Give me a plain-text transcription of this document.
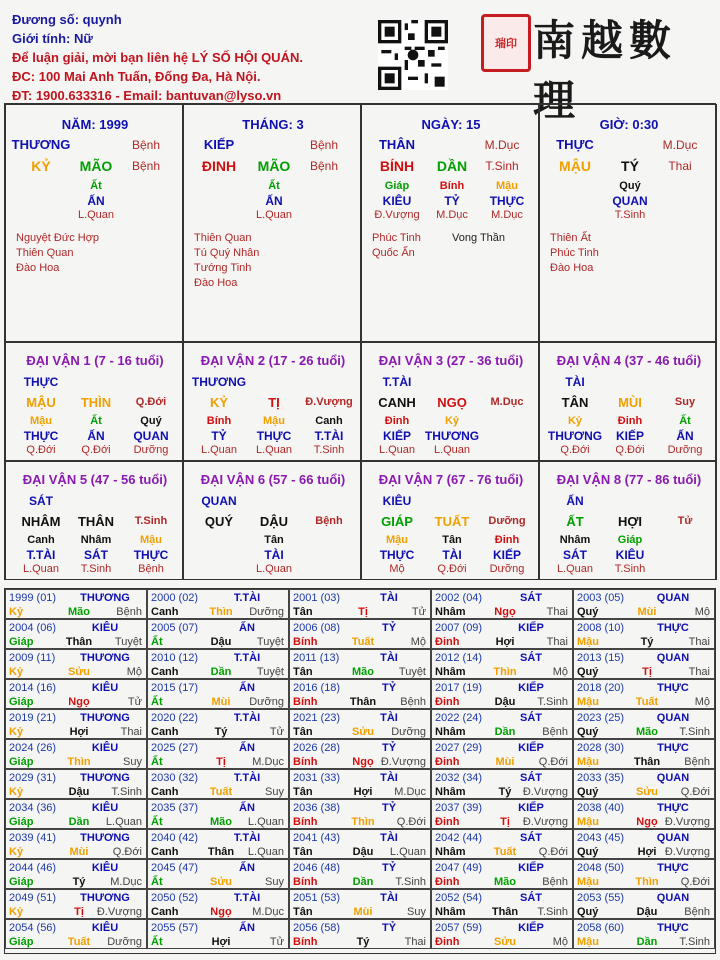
Đương số: quynh
Giới tính: Nữ
Để luận giải, mời bạn liên hệ LÝ SỐ HỘI QUÁN.
ĐC: 100 Mai Anh Tuấn, Đống Đa, Hà Nội.
ĐT: 1900.633316 - Email: bantuvan@lyso.vn
瑞印 南越數理
NĂM: 1999
THƯƠNG	Bệnh
KỶ	MÃO	Bệnh
Ất
ẤN
L.Quan
Nguyệt Đức Hợp
Thiên Quan
Đào Hoa
THÁNG: 3
KIẾP	Bệnh
ĐINH	MÃO	Bệnh
Ất
ẤN
L.Quan
Thiên Quan
Tú Quý Nhân
Tướng Tinh
Đào Hoa
NGÀY: 15
THÂN	M.Dục
BÍNH	DẦN	T.Sinh
Giáp
KIÊU
Đ.Vượng
Bính
TỶ
M.Dục
Mậu
THỰC
M.Dục
Phúc Tinh
Quốc Ấn
Vong Thần
GIỜ: 0:30
THỰC	M.Dục
MẬU	TÝ	Thai
Quý
QUAN
T.Sinh
Thiên Ất
Phúc Tinh
Đào Hoa
ĐẠI VẬN 1 (7 - 16 tuổi)
THỰC
MẬU	THÌN	Q.Đới
Mậu
THỰC
Q.Đới
Ất
ẤN
Q.Đới
Quý
QUAN
Dưỡng
ĐẠI VẬN 2 (17 - 26 tuổi)
THƯƠNG
KỶ	TỊ	Đ.Vượng
Bính
TỶ
L.Quan
Mậu
THỰC
L.Quan
Canh
T.TÀI
T.Sinh
ĐẠI VẬN 3 (27 - 36 tuổi)
T.TÀI
CANH	NGỌ	M.Dục
Đinh
KIẾP
L.Quan
Kỷ
THƯƠNG
L.Quan
ĐẠI VẬN 4 (37 - 46 tuổi)
TÀI
TÂN	MÙI	Suy
Kỷ
THƯƠNG
Q.Đới
Đinh
KIẾP
Q.Đới
Ất
ẤN
Dưỡng
ĐẠI VẬN 5 (47 - 56 tuổi)
SÁT
NHÂM	THÂN	T.Sinh
Canh
T.TÀI
L.Quan
Nhâm
SÁT
T.Sinh
Mậu
THỰC
Bệnh
ĐẠI VẬN 6 (57 - 66 tuổi)
QUAN
QUÝ	DẬU	Bệnh
Tân
TÀI
L.Quan
ĐẠI VẬN 7 (67 - 76 tuổi)
KIÊU
GIÁP	TUẤT	Dưỡng
Mậu
THỰC
Mộ
Tân
TÀI
Q.Đới
Đinh
KIẾP
Dưỡng
ĐẠI VẬN 8 (77 - 86 tuổi)
ẤN
ẤT	HỢI	Tử
Nhâm
SÁT
L.Quan
Giáp
KIÊU
T.Sinh
1999 (01)	THƯƠNG
Kỷ	Mão	Bệnh
2000 (02)	T.TÀI
Canh	Thìn	Dưỡng
2001 (03)	TÀI
Tân	Tị	Tử
2002 (04)	SÁT
Nhâm	Ngọ	Thai
2003 (05)	QUAN
Quý	Mùi	Mộ
2004 (06)	KIÊU
Giáp	Thân	Tuyệt
2005 (07)	ẤN
Ất	Dậu	Tuyệt
2006 (08)	TỶ
Bính	Tuất	Mộ
2007 (09)	KIẾP
Đinh	Hợi	Thai
2008 (10)	THỰC
Mậu	Tý	Thai
2009 (11)	THƯƠNG
Kỷ	Sửu	Mộ
2010 (12)	T.TÀI
Canh	Dần	Tuyệt
2011 (13)	TÀI
Tân	Mão	Tuyệt
2012 (14)	SÁT
Nhâm	Thìn	Mộ
2013 (15)	QUAN
Quý	Tị	Thai
2014 (16)	KIÊU
Giáp	Ngọ	Tử
2015 (17)	ẤN
Ất	Mùi	Dưỡng
2016 (18)	TỶ
Bính	Thân	Bệnh
2017 (19)	KIẾP
Đinh	Dậu	T.Sinh
2018 (20)	THỰC
Mậu	Tuất	Mộ
2019 (21)	THƯƠNG
Kỷ	Hợi	Thai
2020 (22)	T.TÀI
Canh	Tý	Tử
2021 (23)	TÀI
Tân	Sửu	Dưỡng
2022 (24)	SÁT
Nhâm	Dần	Bệnh
2023 (25)	QUAN
Quý	Mão	T.Sinh
2024 (26)	KIÊU
Giáp	Thìn	Suy
2025 (27)	ẤN
Ất	Tị	M.Dục
2026 (28)	TỶ
Bính	Ngọ Đ.Vượng
2027 (29)	KIẾP
Đinh	Mùi	Q.Đới
2028 (30)	THỰC
Mậu	Thân	Bệnh
2029 (31)	THƯƠNG
Kỷ	Dậu	T.Sinh
2030 (32)	T.TÀI
Canh	Tuất	Suy
2031 (33)	TÀI
Tân	Hợi	M.Dục
2032 (34)	SÁT
Nhâm	Tý	Đ.Vượng
2033 (35)	QUAN
Quý	Sửu	Q.Đới
2034 (36)	KIÊU
Giáp	Dần	L.Quan
2035 (37)	ẤN
Ất	Mão	L.Quan
2036 (38)	TỶ
Bính	Thìn	Q.Đới
2037 (39)	KIẾP
Đinh	Tị	Đ.Vượng
2038 (40)	THỰC
Mậu	Ngọ Đ.Vượng
2039 (41)	THƯƠNG
Kỷ	Mùi	Q.Đới
2040 (42)	T.TÀI
Canh	Thân	L.Quan
2041 (43)	TÀI
Tân	Dậu	L.Quan
2042 (44)	SÁT
Nhâm	Tuất	Q.Đới
2043 (45)	QUAN
Quý	Hợi Đ.Vượng
2044 (46)	KIÊU
Giáp	Tý	M.Dục
2045 (47)	ẤN
Ất	Sửu	Suy
2046 (48)	TỶ
Bính	Dần	T.Sinh
2047 (49)	KIẾP
Đinh	Mão	Bệnh
2048 (50)	THỰC
Mậu	Thìn	Q.Đới
2049 (51)	THƯƠNG
Kỷ	Tị	Đ.Vượng
2050 (52)	T.TÀI
Canh	Ngọ	M.Dục
2051 (53)	TÀI
Tân	Mùi	Suy
2052 (54)	SÁT
Nhâm	Thân	T.Sinh
2053 (55)	QUAN
Quý	Dậu	Bệnh
2054 (56)	KIÊU
Giáp	Tuất	Dưỡng
2055 (57)	ẤN
Ất	Hợi	Tử
2056 (58)	TỶ
Bính	Tý	Thai
2057 (59)	KIẾP
Đinh	Sửu	Mộ
2058 (60)	THỰC
Mậu	Dần	T.Sinh
